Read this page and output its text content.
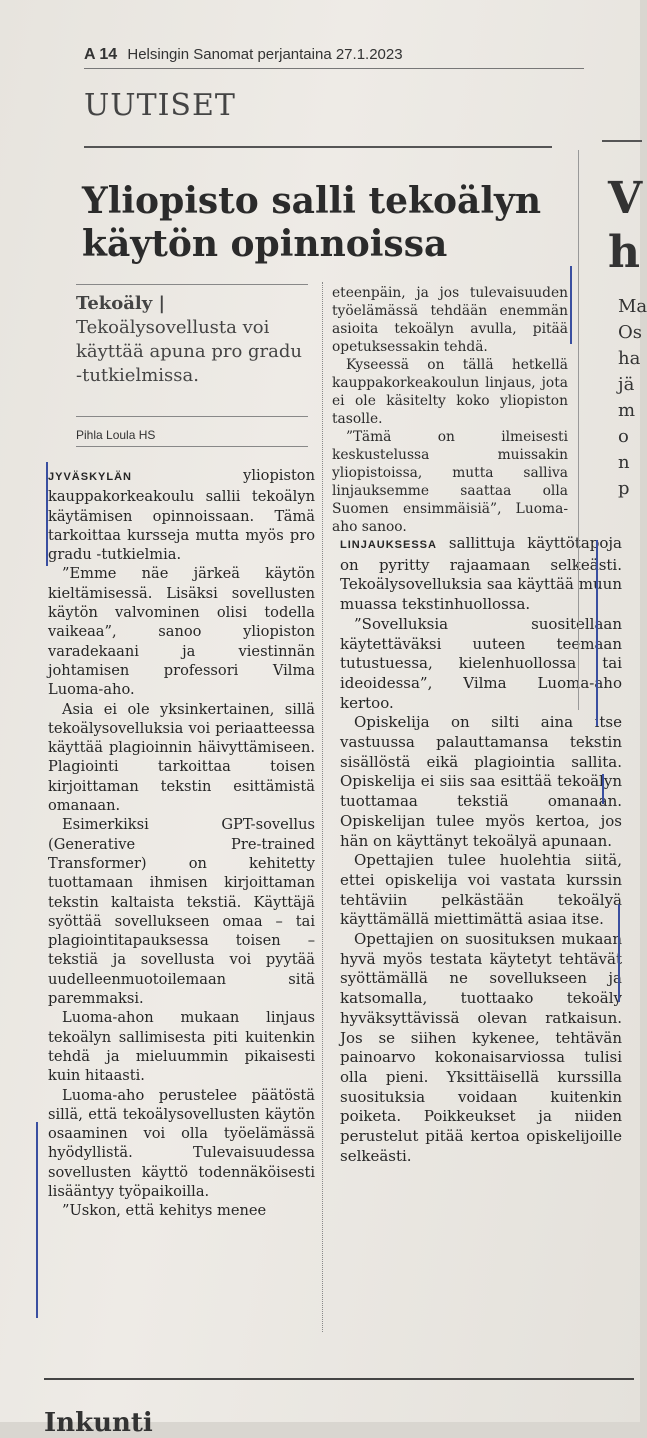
A 14 Helsingin Sanomat perjantaina 27.1.2023
UUTISET
Yliopisto salli tekoälyn käytön opinnoissa
Tekoäly | Tekoälysovellusta voi käyttää apuna pro gradu -tutkielmissa.
Pihla Loula HS

JYVÄSKYLÄN	yliopiston kauppakorkeakoulu sallii tekoälyn käytämisen opinnoissaan. Tämä tarkoittaa kursseja mutta myös pro gradu -tutkielmia.

”Emme näe järkeä käytön kieltämisessä. Lisäksi sovellusten käytön valvominen olisi todella vaikeaa”, sanoo yliopiston varadekaani ja viestinnän johtamisen professori Vilma Luoma-aho.

Asia ei ole yksinkertainen, sillä tekoälysovelluksia voi periaatteessa käyttää plagioinnin häivyttämiseen. Plagiointi tarkoittaa toisen kirjoittaman tekstin esittämistä omanaan.

Esimerkiksi GPT-sovellus (Generative Pre-trained Transformer) on kehitetty tuottamaan ihmisen kirjoittaman tekstin kaltaista tekstiä. Käyttäjä syöttää sovellukseen omaa – tai plagiointitapauksessa toisen – tekstiä ja sovellusta voi pyytää uudelleenmuotoilemaan sitä paremmaksi.

Luoma-ahon mukaan linjaus tekoälyn sallimisesta piti kuitenkin tehdä ja mieluummin pikaisesti kuin hitaasti.

Luoma-aho perustelee päätöstä sillä, että tekoälysovellusten käytön osaaminen voi olla työelämässä hyödyllistä. Tulevaisuudessa sovellusten käyttö todennäköisesti lisääntyy työpaikoilla.

”Uskon, että kehitys menee

eteenpäin, ja jos tulevaisuuden työelämässä tehdään enemmän asioita tekoälyn avulla, pitää opetuksessakin tehdä.

Kyseessä on tällä hetkellä kauppakorkeakoulun linjaus, jota ei ole käsitelty koko yliopiston tasolle.

”Tämä on ilmeisesti keskustelussa muissakin yliopistoissa, mutta salliva linjauksemme saattaa olla Suomen ensimmäisiä”, Luoma-aho sanoo.

LINJAUKSESSA sallittuja käyttötapoja on pyritty rajaamaan selkeästi. Tekoälysovelluksia saa käyttää muun muassa tekstinhuollossa.

”Sovelluksia suositellaan käytettäväksi uuteen teemaan tutustuessa, kielenhuollossa tai ideoidessa”, Vilma Luoma-aho kertoo.

Opiskelija on silti aina itse vastuussa palauttamansa tekstin sisällöstä eikä plagiointia sallita. Opiskelija ei siis saa esittää tekoälyn tuottamaa tekstiä omanaan. Opiskelijan tulee myös kertoa, jos hän on käyttänyt tekoälyä apunaan.

Opettajien tulee huolehtia siitä, ettei opiskelija voi vastata kurssin tehtäviin pelkästään tekoälyä käyttämällä miettimättä asiaa itse.

Opettajien on suosituksen mukaan hyvä myös testata käytetyt tehtävät syöttämällä ne sovellukseen ja katsomalla, tuottaako tekoäly hyväksyttävissä olevan ratkaisun. Jos se siihen kykenee, tehtävän painoarvo kokonaisarviossa tulisi olla pieni. Yksittäisellä kurssilla suosituksia voidaan kuitenkin poiketa. Poikkeukset ja niiden perustelut pitää kertoa opiskelijoille selkeästi.

V
h
Ma
Os
ha
jä
m
o
n
p
Inkunti
